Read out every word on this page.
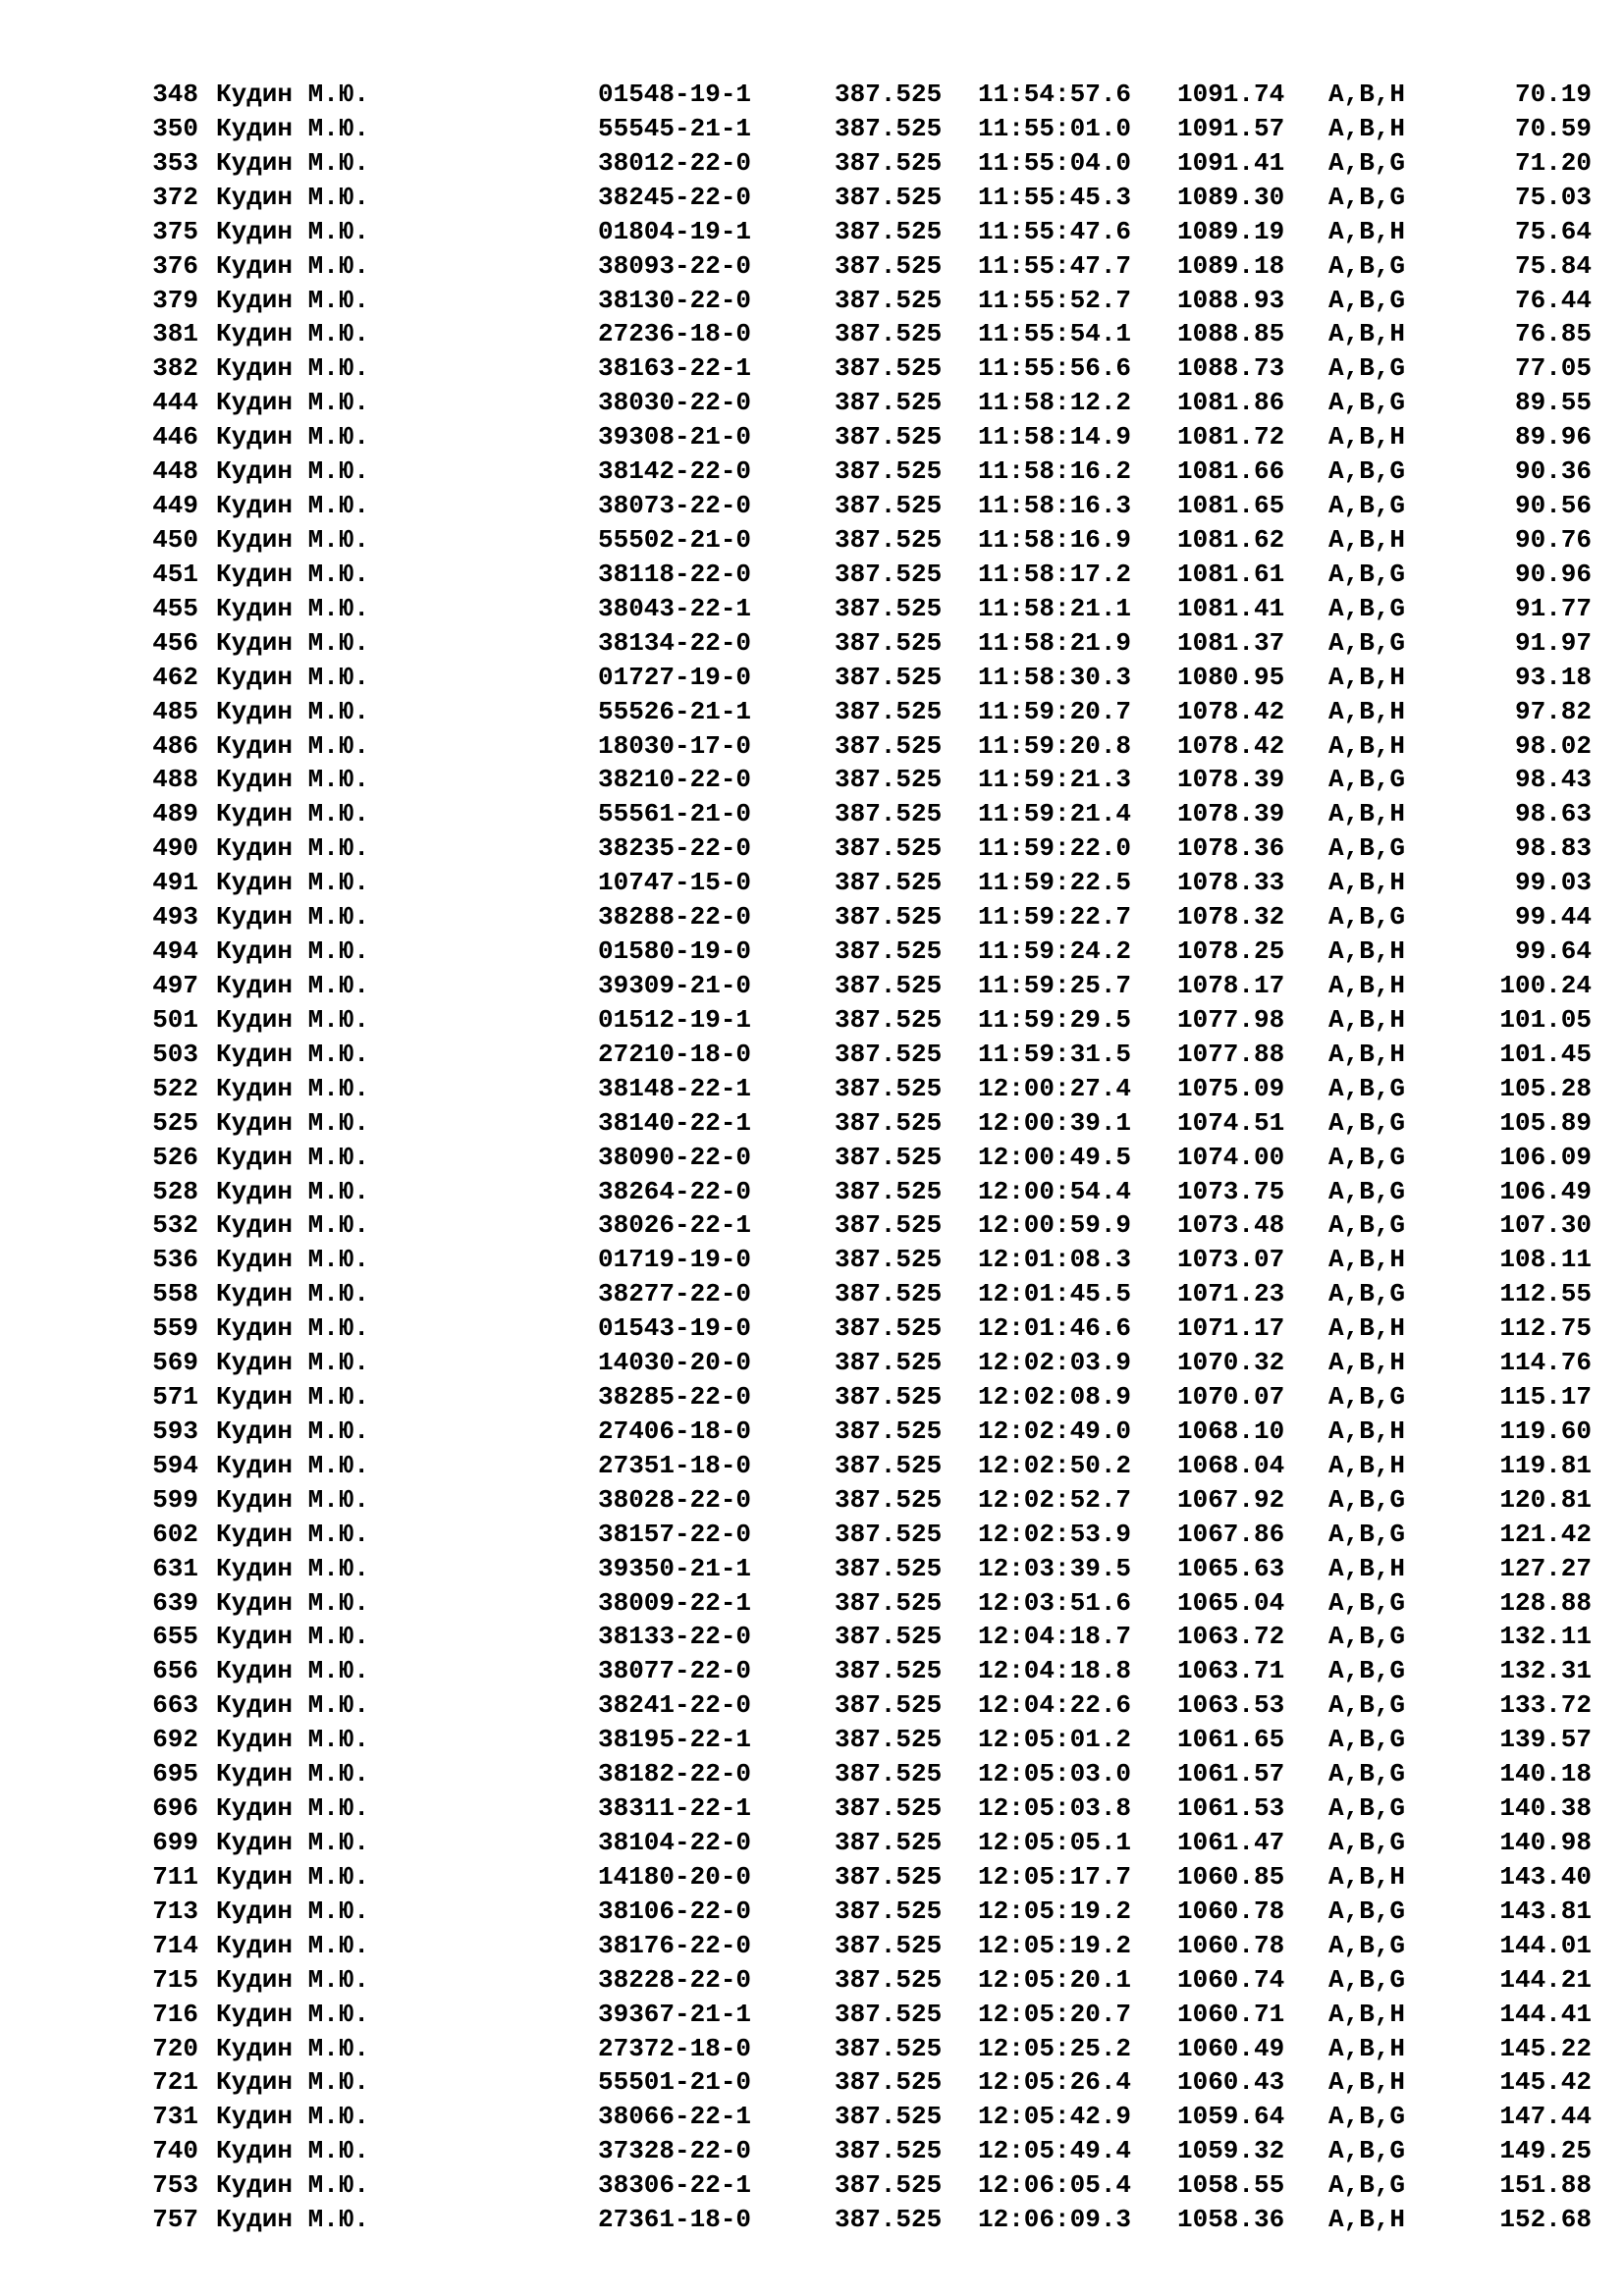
348 Кудин М.Ю.	01548-19-1	387.525 11:54:57.6 1091.74 A,B,H	70.19
350 Кудин М.Ю.	55545-21-1	387.525 11:55:01.0 1091.57 A,B,H	70.59
353 Кудин М.Ю.	38012-22-0	387.525 11:55:04.0 1091.41 A,B,G	71.20
372 Кудин М.Ю.	38245-22-0	387.525 11:55:45.3 1089.30 A,B,G	75.03
375 Кудин М.Ю.	01804-19-1	387.525 11:55:47.6 1089.19 A,B,H	75.64
376 Кудин М.Ю.	38093-22-0	387.525 11:55:47.7 1089.18 A,B,G	75.84
379 Кудин М.Ю.	38130-22-0	387.525 11:55:52.7 1088.93 A,B,G	76.44
381 Кудин М.Ю.	27236-18-0	387.525 11:55:54.1 1088.85 A,B,H	76.85
382 Кудин М.Ю.	38163-22-1	387.525 11:55:56.6 1088.73 A,B,G	77.05
444 Кудин М.Ю.	38030-22-0	387.525 11:58:12.2 1081.86 A,B,G	89.55
446 Кудин М.Ю.	39308-21-0	387.525 11:58:14.9 1081.72 A,B,H	89.96
448 Кудин М.Ю.	38142-22-0	387.525 11:58:16.2 1081.66 A,B,G	90.36
449 Кудин М.Ю.	38073-22-0	387.525 11:58:16.3 1081.65 A,B,G	90.56
450 Кудин М.Ю.	55502-21-0	387.525 11:58:16.9 1081.62 A,B,H	90.76
451 Кудин М.Ю.	38118-22-0	387.525 11:58:17.2 1081.61 A,B,G	90.96
455 Кудин М.Ю.	38043-22-1	387.525 11:58:21.1 1081.41 A,B,G	91.77
456 Кудин М.Ю.	38134-22-0	387.525 11:58:21.9 1081.37 A,B,G	91.97
462 Кудин М.Ю.	01727-19-0	387.525 11:58:30.3 1080.95 A,B,H	93.18
485 Кудин М.Ю.	55526-21-1	387.525 11:59:20.7 1078.42 A,B,H	97.82
486 Кудин М.Ю.	18030-17-0	387.525 11:59:20.8 1078.42 A,B,H	98.02
488 Кудин М.Ю.	38210-22-0	387.525 11:59:21.3 1078.39 A,B,G	98.43
489 Кудин М.Ю.	55561-21-0	387.525 11:59:21.4 1078.39 A,B,H	98.63
490 Кудин М.Ю.	38235-22-0	387.525 11:59:22.0 1078.36 A,B,G	98.83
491 Кудин М.Ю.	10747-15-0	387.525 11:59:22.5 1078.33 A,B,H	99.03
493 Кудин М.Ю.	38288-22-0	387.525 11:59:22.7 1078.32 A,B,G	99.44
494 Кудин М.Ю.	01580-19-0	387.525 11:59:24.2 1078.25 A,B,H	99.64
497 Кудин М.Ю.	39309-21-0	387.525 11:59:25.7 1078.17 A,B,H	100.24
501 Кудин М.Ю.	01512-19-1	387.525 11:59:29.5 1077.98 A,B,H	101.05
503 Кудин М.Ю.	27210-18-0	387.525 11:59:31.5 1077.88 A,B,H	101.45
522 Кудин М.Ю.	38148-22-1	387.525 12:00:27.4 1075.09 A,B,G	105.28
525 Кудин М.Ю.	38140-22-1	387.525 12:00:39.1 1074.51 A,B,G	105.89
526 Кудин М.Ю.	38090-22-0	387.525 12:00:49.5 1074.00 A,B,G	106.09
528 Кудин М.Ю.	38264-22-0	387.525 12:00:54.4 1073.75 A,B,G	106.49
532 Кудин М.Ю.	38026-22-1	387.525 12:00:59.9 1073.48 A,B,G	107.30
536 Кудин М.Ю.	01719-19-0	387.525 12:01:08.3 1073.07 A,B,H	108.11
558 Кудин М.Ю.	38277-22-0	387.525 12:01:45.5 1071.23 A,B,G	112.55
559 Кудин М.Ю.	01543-19-0	387.525 12:01:46.6 1071.17 A,B,H	112.75
569 Кудин М.Ю.	14030-20-0	387.525 12:02:03.9 1070.32 A,B,H	114.76
571 Кудин М.Ю.	38285-22-0	387.525 12:02:08.9 1070.07 A,B,G	115.17
593 Кудин М.Ю.	27406-18-0	387.525 12:02:49.0 1068.10 A,B,H	119.60
594 Кудин М.Ю.	27351-18-0	387.525 12:02:50.2 1068.04 A,B,H	119.81
599 Кудин М.Ю.	38028-22-0	387.525 12:02:52.7 1067.92 A,B,G	120.81
602 Кудин М.Ю.	38157-22-0	387.525 12:02:53.9 1067.86 A,B,G	121.42
631 Кудин М.Ю.	39350-21-1	387.525 12:03:39.5 1065.63 A,B,H	127.27
639 Кудин М.Ю.	38009-22-1	387.525 12:03:51.6 1065.04 A,B,G	128.88
655 Кудин М.Ю.	38133-22-0	387.525 12:04:18.7 1063.72 A,B,G	132.11
656 Кудин М.Ю.	38077-22-0	387.525 12:04:18.8 1063.71 A,B,G	132.31
663 Кудин М.Ю.	38241-22-0	387.525 12:04:22.6 1063.53 A,B,G	133.72
692 Кудин М.Ю.	38195-22-1	387.525 12:05:01.2 1061.65 A,B,G	139.57
695 Кудин М.Ю.	38182-22-0	387.525 12:05:03.0 1061.57 A,B,G	140.18
696 Кудин М.Ю.	38311-22-1	387.525 12:05:03.8 1061.53 A,B,G	140.38
699 Кудин М.Ю.	38104-22-0	387.525 12:05:05.1 1061.47 A,B,G	140.98
711 Кудин М.Ю.	14180-20-0	387.525 12:05:17.7 1060.85 A,B,H	143.40
713 Кудин М.Ю.	38106-22-0	387.525 12:05:19.2 1060.78 A,B,G	143.81
714 Кудин М.Ю.	38176-22-0	387.525 12:05:19.2 1060.78 A,B,G	144.01
715 Кудин М.Ю.	38228-22-0	387.525 12:05:20.1 1060.74 A,B,G	144.21
716 Кудин М.Ю.	39367-21-1	387.525 12:05:20.7 1060.71 A,B,H	144.41
720 Кудин М.Ю.	27372-18-0	387.525 12:05:25.2 1060.49 A,B,H	145.22
721 Кудин М.Ю.	55501-21-0	387.525 12:05:26.4 1060.43 A,B,H	145.42
731 Кудин М.Ю.	38066-22-1	387.525 12:05:42.9 1059.64 A,B,G	147.44
740 Кудин М.Ю.	37328-22-0	387.525 12:05:49.4 1059.32 A,B,G	149.25
753 Кудин М.Ю.	38306-22-1	387.525 12:06:05.4 1058.55 A,B,G	151.88
757 Кудин М.Ю.	27361-18-0	387.525 12:06:09.3 1058.36 A,B,H	152.68
